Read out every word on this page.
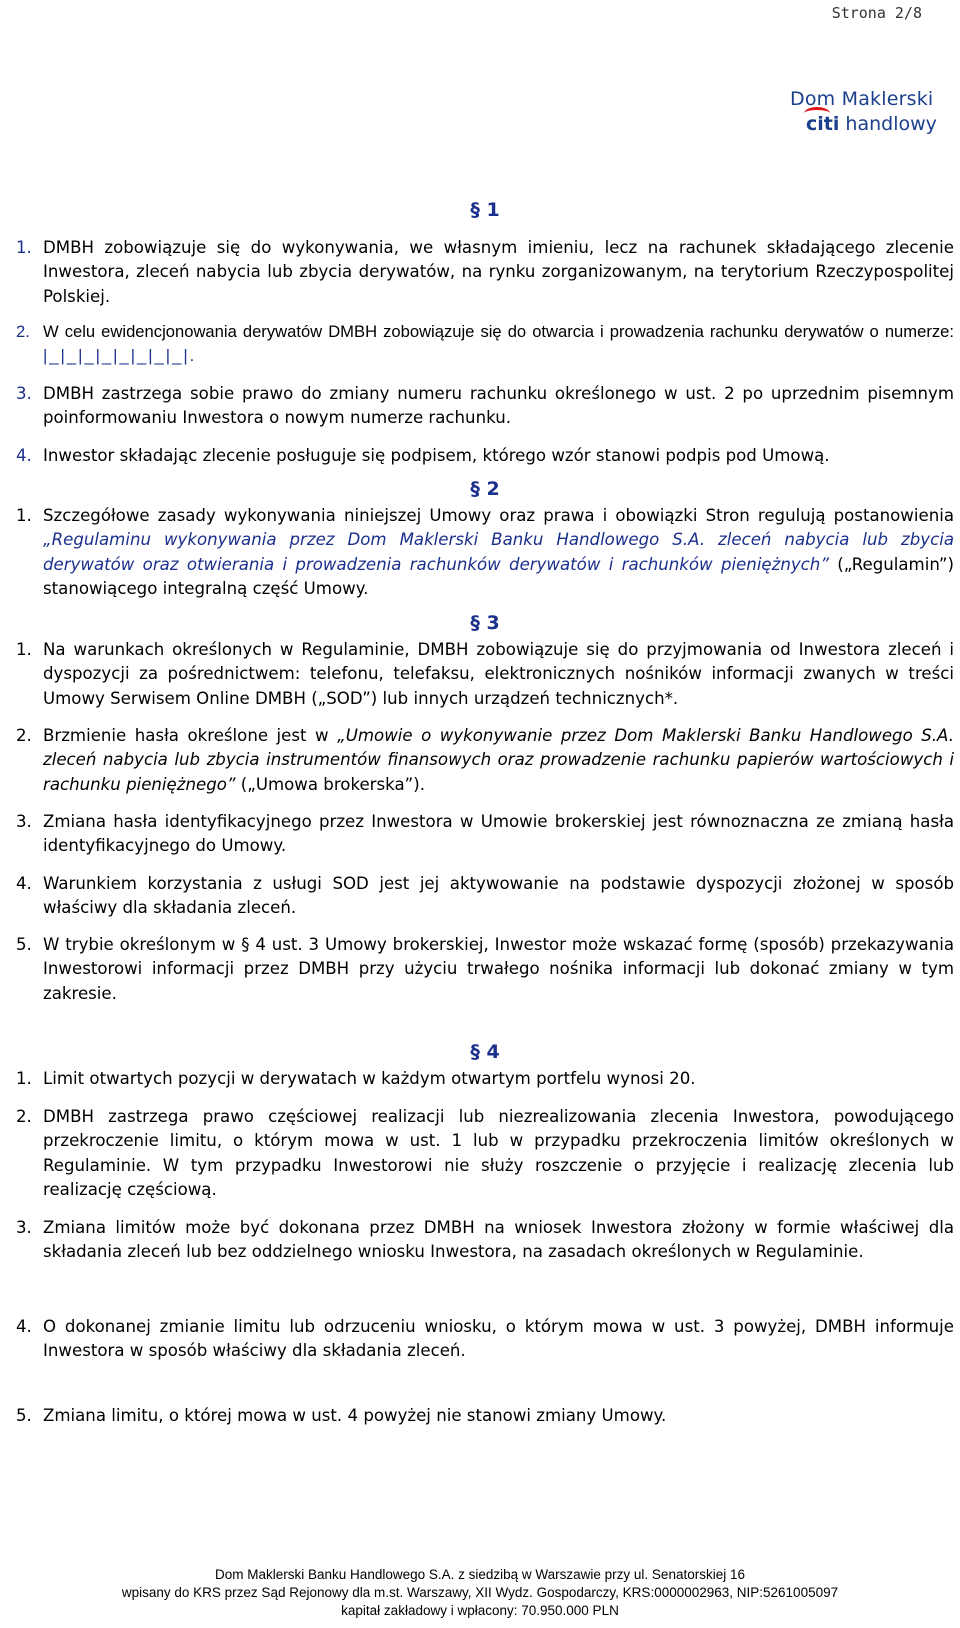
Strona 2/8
Dom Maklerski
citi handlowy
§ 1
1. DMBH zobowiązuje się do wykonywania, we własnym imieniu, lecz na rachunek składającego zlecenie Inwestora, zleceń nabycia lub zbycia derywatów, na rynku zorganizowanym, na terytorium Rzeczypospolitej Polskiej.
2. W celu ewidencjonowania derywatów DMBH zobowiązuje się do otwarcia i prowadzenia rachunku derywatów o numerze: |_|_|_|_|_|_|_|_|.
3. DMBH zastrzega sobie prawo do zmiany numeru rachunku określonego w ust. 2 po uprzednim pisemnym poinformowaniu Inwestora o nowym numerze rachunku.
4. Inwestor składając zlecenie posługuje się podpisem, którego wzór stanowi podpis pod Umową.
§ 2
1. Szczegółowe zasady wykonywania niniejszej Umowy oraz prawa i obowiązki Stron regulują postanowienia „Regulaminu wykonywania przez Dom Maklerski Banku Handlowego S.A. zleceń nabycia lub zbycia derywatów oraz otwierania i prowadzenia rachunków derywatów i rachunków pieniężnych” („Regulamin”) stanowiącego integralną część Umowy.
§ 3
1. Na warunkach określonych w Regulaminie, DMBH zobowiązuje się do przyjmowania od Inwestora zleceń i dyspozycji za pośrednictwem: telefonu, telefaksu, elektronicznych nośników informacji zwanych w treści Umowy Serwisem Online DMBH („SOD”) lub innych urządzeń technicznych*.
2. Brzmienie hasła określone jest w „Umowie o wykonywanie przez Dom Maklerski Banku Handlowego S.A. zleceń nabycia lub zbycia instrumentów finansowych oraz prowadzenie rachunku papierów wartościowych i rachunku pieniężnego” („Umowa brokerska”).
3. Zmiana hasła identyfikacyjnego przez Inwestora w Umowie brokerskiej jest równoznaczna ze zmianą hasła identyfikacyjnego do Umowy.
4. Warunkiem korzystania z usługi SOD jest jej aktywowanie na podstawie dyspozycji złożonej w sposób właściwy dla składania zleceń.
5. W trybie określonym w § 4 ust. 3 Umowy brokerskiej, Inwestor może wskazać formę (sposób) przekazywania Inwestorowi informacji przez DMBH przy użyciu trwałego nośnika informacji lub dokonać zmiany w tym zakresie.
§ 4
1. Limit otwartych pozycji w derywatach w każdym otwartym portfelu wynosi 20.
2. DMBH zastrzega prawo częściowej realizacji lub niezrealizowania zlecenia Inwestora, powodującego przekroczenie limitu, o którym mowa w ust. 1 lub w przypadku przekroczenia limitów określonych w Regulaminie. W tym przypadku Inwestorowi nie służy roszczenie o przyjęcie i realizację zlecenia lub realizację częściową.
3. Zmiana limitów może być dokonana przez DMBH na wniosek Inwestora złożony w formie właściwej dla składania zleceń lub bez oddzielnego wniosku Inwestora, na zasadach określonych w Regulaminie.
4. O dokonanej zmianie limitu lub odrzuceniu wniosku, o którym mowa w ust. 3 powyżej, DMBH informuje Inwestora w sposób właściwy dla składania zleceń.
5. Zmiana limitu, o której mowa w ust. 4 powyżej nie stanowi zmiany Umowy.
Dom Maklerski Banku Handlowego S.A. z siedzibą w Warszawie przy ul. Senatorskiej 16
wpisany do KRS przez Sąd Rejonowy dla m.st. Warszawy, XII Wydz. Gospodarczy, KRS:0000002963, NIP:5261005097
kapitał zakładowy i wpłacony: 70.950.000 PLN
